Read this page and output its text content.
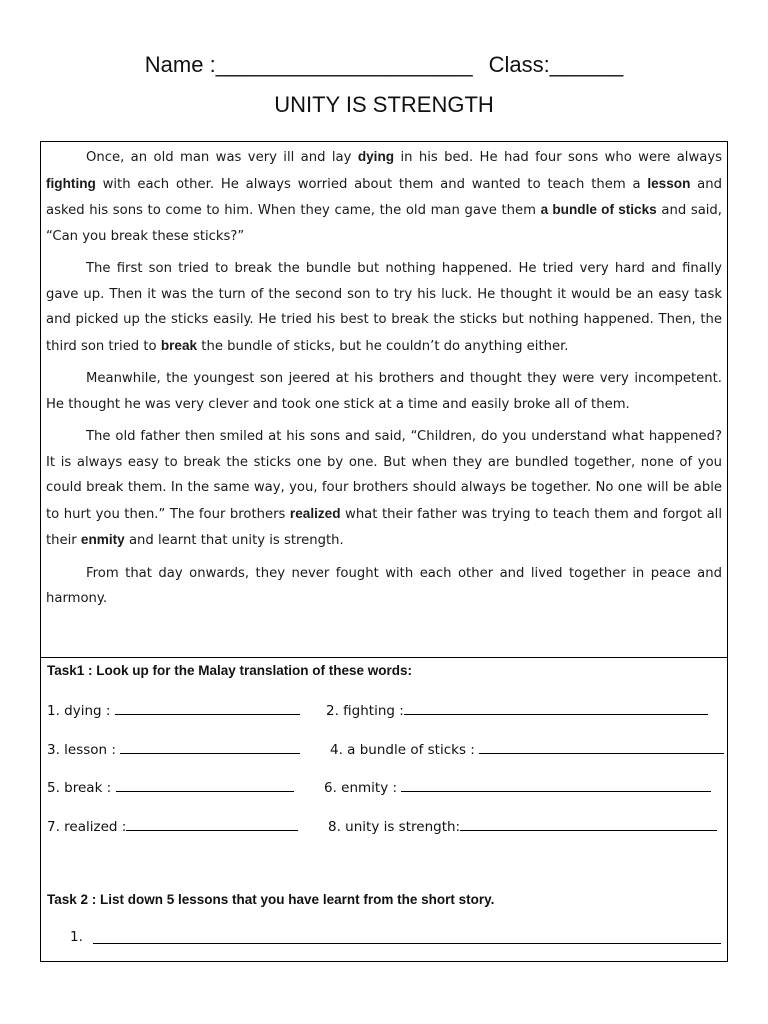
Name :_____________________ Class:______
UNITY IS STRENGTH

Once, an old man was very ill and lay dying in his bed. He had four sons who were always fighting with each other. He always worried about them and wanted to teach them a lesson and asked his sons to come to him. When they came, the old man gave them a bundle of sticks and said, “Can you break these sticks?”

The first son tried to break the bundle but nothing happened. He tried very hard and finally gave up. Then it was the turn of the second son to try his luck. He thought it would be an easy task and picked up the sticks easily. He tried his best to break the sticks but nothing happened. Then, the third son tried to break the bundle of sticks, but he couldn’t do anything either.

Meanwhile, the youngest son jeered at his brothers and thought they were very incompetent. He thought he was very clever and took one stick at a time and easily broke all of them.

The old father then smiled at his sons and said, “Children, do you understand what happened? It is always easy to break the sticks one by one. But when they are bundled together, none of you could break them. In the same way, you, four brothers should always be together. No one will be able to hurt you then.” The four brothers realized what their father was trying to teach them and forgot all their enmity and learnt that unity is strength.

From that day onwards, they never fought with each other and lived together in peace and harmony.

Task1 : Look up for the Malay translation of these words:
1. dying :	2. fighting :
3. lesson :	4. a bundle of sticks :
5. break :	6. enmity :
7. realized :	8. unity is strength:
Task 2 : List down 5 lessons that you have learnt from the short story.
1.
